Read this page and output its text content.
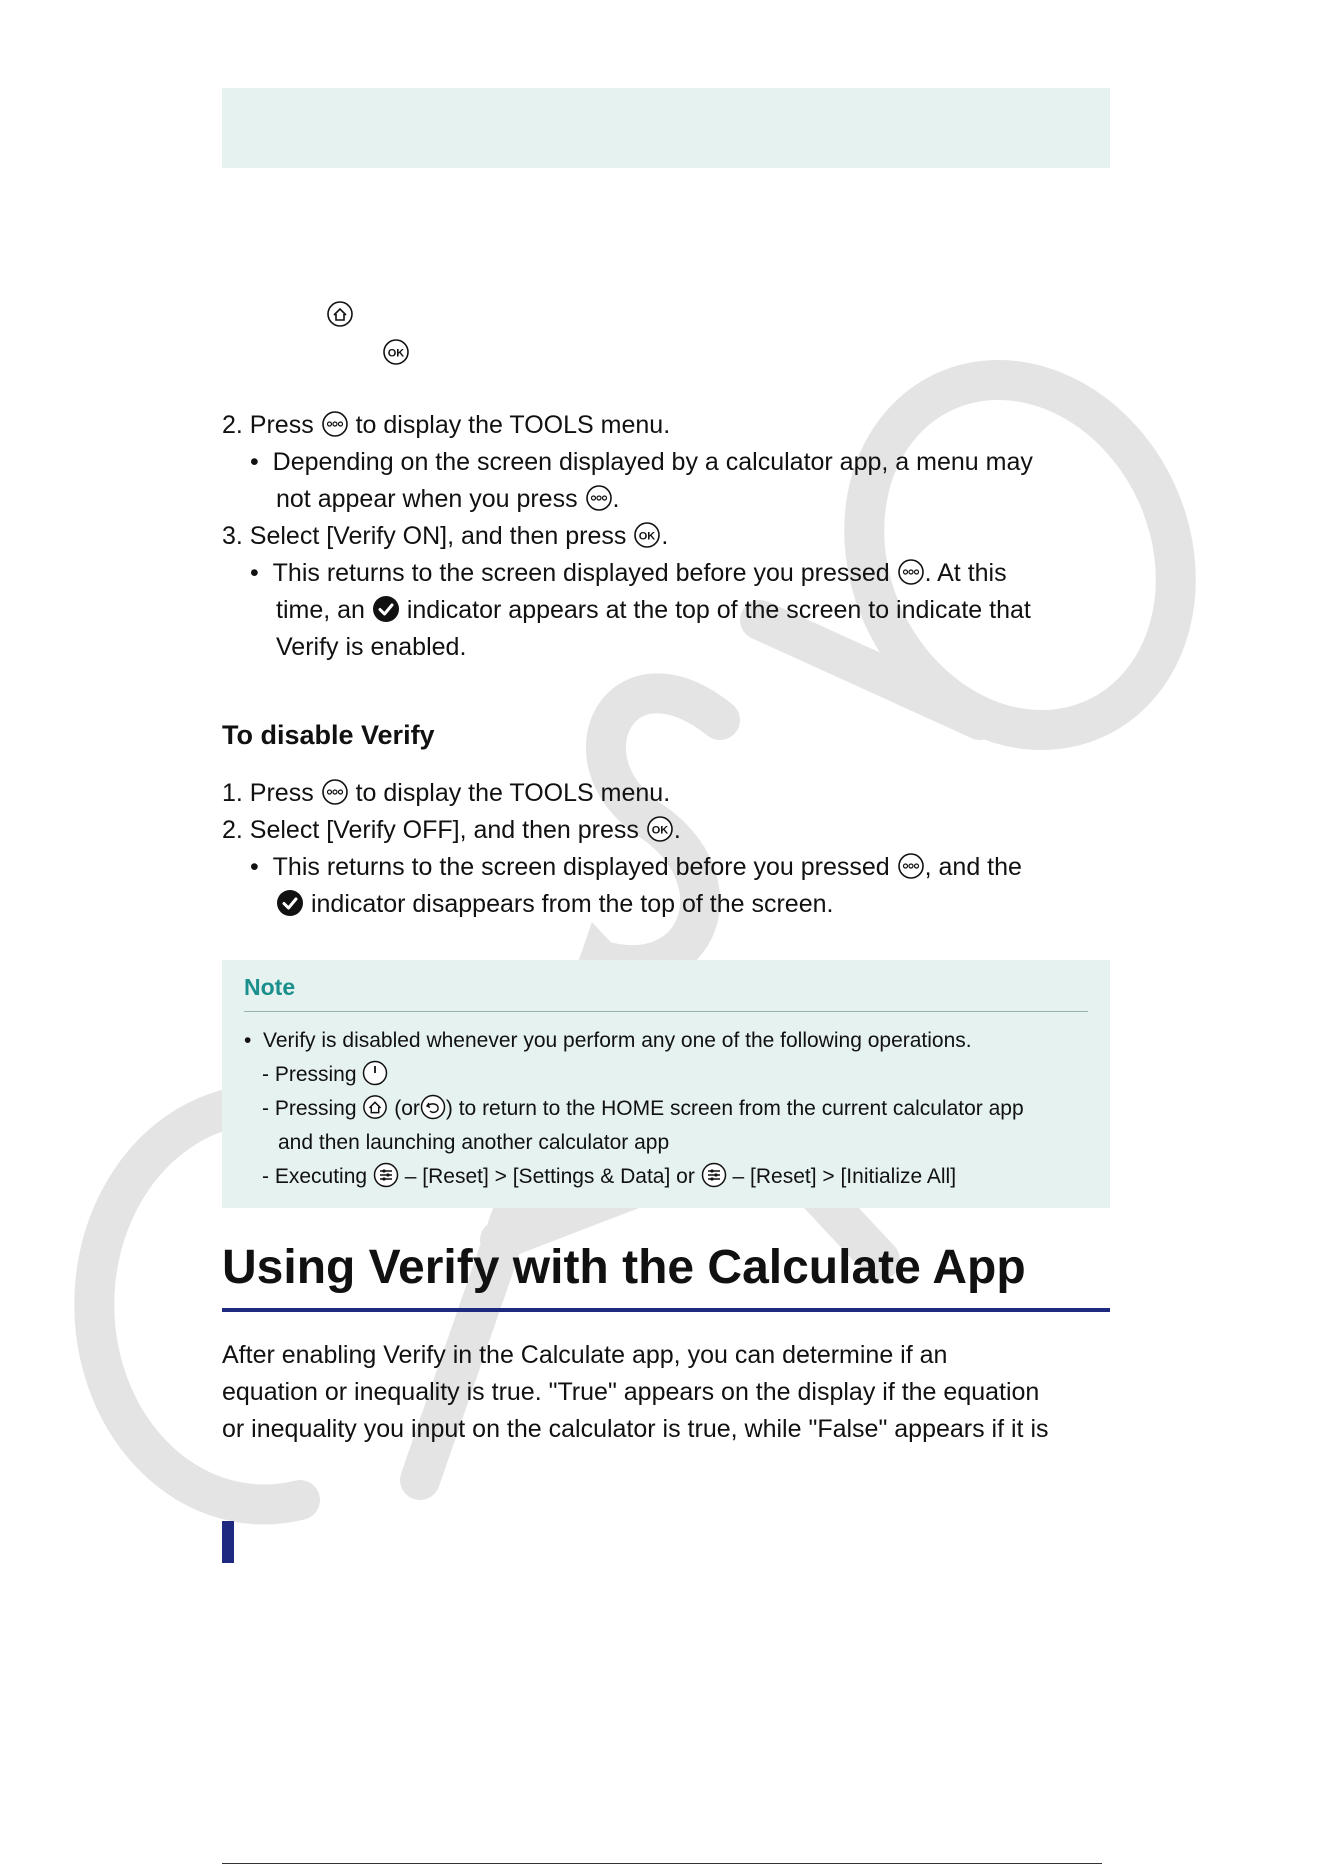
OK
2. Press to display the TOOLS menu.
•  Depending on the screen displayed by a calculator app, a menu may
not appear when you press .
3. Select [Verify ON], and then press OK .
•  This returns to the screen displayed before you pressed . At this
time, an indicator appears at the top of the screen to indicate that
Verify is enabled.
To disable Verify
1. Press to display the TOOLS menu.
2. Select [Verify OFF], and then press OK .
•  This returns to the screen displayed before you pressed , and the
indicator disappears from the top of the screen.
Note
•  Verify is disabled whenever you perform any one of the following operations.
- Pressing
- Pressing (or ) to return to the HOME screen from the current calculator app
and then launching another calculator app
- Executing – [Reset] > [Settings & Data] or – [Reset] > [Initialize All]
Using Verify with the Calculate App
After enabling Verify in the Calculate app, you can determine if an
equation or inequality is true. "True" appears on the display if the equation
or inequality you input on the calculator is true, while "False" appears if it is
